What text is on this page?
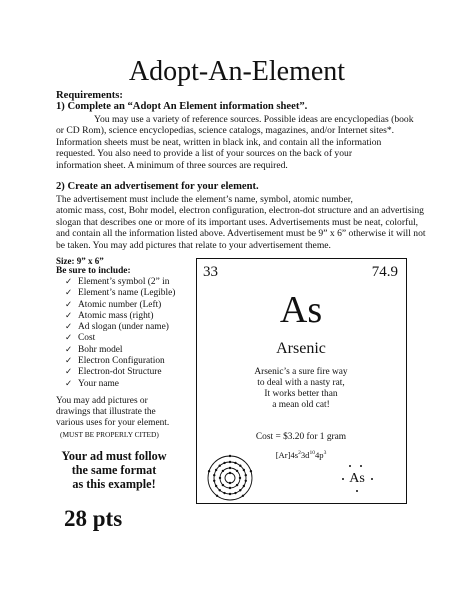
Adopt-An-Element
Requirements:
1) Complete an “Adopt An Element information sheet”.
You may use a variety of reference sources. Possible ideas are encyclopedias (book
or CD Rom), science encyclopedias, science catalogs, magazines, and/or Internet sites*.
Information sheets must be neat, written in black ink, and contain all the information
requested. You also need to provide a list of your sources on the back of your
information sheet. A minimum of three sources are required.
2) Create an advertisement for your element.
The advertisement must include the element’s name, symbol, atomic number,
atomic mass, cost, Bohr model, electron configuration, electron-dot structure and an advertising
slogan that describes one or more of its important uses. Advertisements must be neat, colorful,
and contain all the information listed above. Advertisement must be 9” x 6” otherwise it will not
be taken. You may add pictures that relate to your advertisement theme.
Size: 9” x 6”
Be sure to include:
✓ Element’s symbol (2” in
✓ Element’s name (Legible)
✓ Atomic number (Left)
✓ Atomic mass (right)
✓ Ad slogan (under name)
✓ Cost
✓ Bohr model
✓ Electron Configuration
✓ Electron-dot Structure
✓ Your name
You may add pictures or
drawings that illustrate the
various uses for your element.
(MUST BE PROPERLY CITED)
Your ad must follow
the same format
as this example!
28 pts
33	74.9
As
Arsenic
Arsenic’s a sure fire way
to deal with a nasty rat,
It works better than
a mean old cat!
Cost = $3.20 for 1 gram
$[Ar]4s^23d^{10}4p^3$
As
